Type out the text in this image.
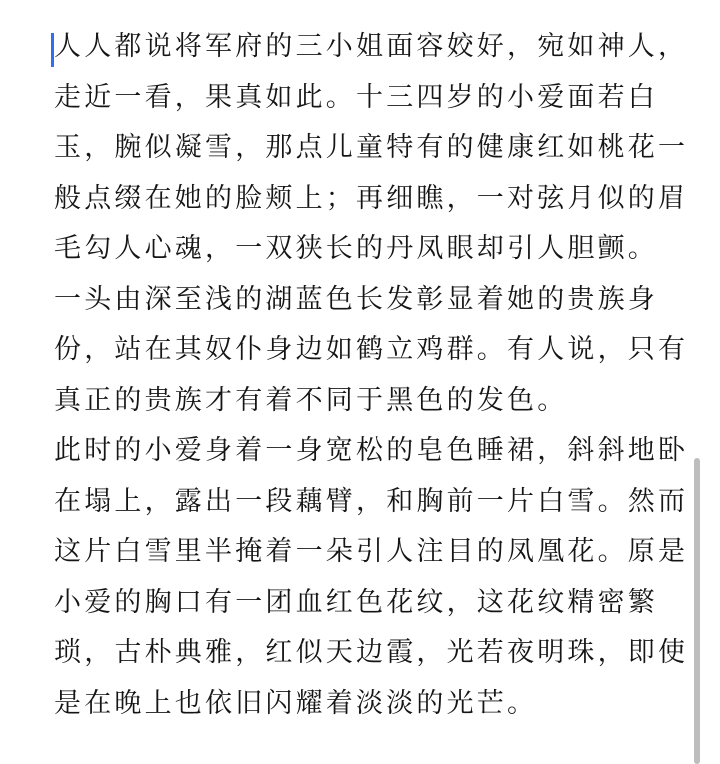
人人都说将军府的三小姐面容姣好，宛如神人，
走近一看，果真如此。十三四岁的小爱面若白
玉，腕似凝雪，那点儿童特有的健康红如桃花一
般点缀在她的脸颊上；再细瞧，一对弦月似的眉
毛勾人心魂，一双狭长的丹凤眼却引人胆颤。
一头由深至浅的湖蓝色长发彰显着她的贵族身
份，站在其奴仆身边如鹤立鸡群。有人说，只有
真正的贵族才有着不同于黑色的发色。
此时的小爱身着一身宽松的皂色睡裙，斜斜地卧
在塌上，露出一段藕臂，和胸前一片白雪。然而
这片白雪里半掩着一朵引人注目的凤凰花。原是
小爱的胸口有一团血红色花纹，这花纹精密繁
琐，古朴典雅，红似天边霞，光若夜明珠，即使
是在晚上也依旧闪耀着淡淡的光芒。
